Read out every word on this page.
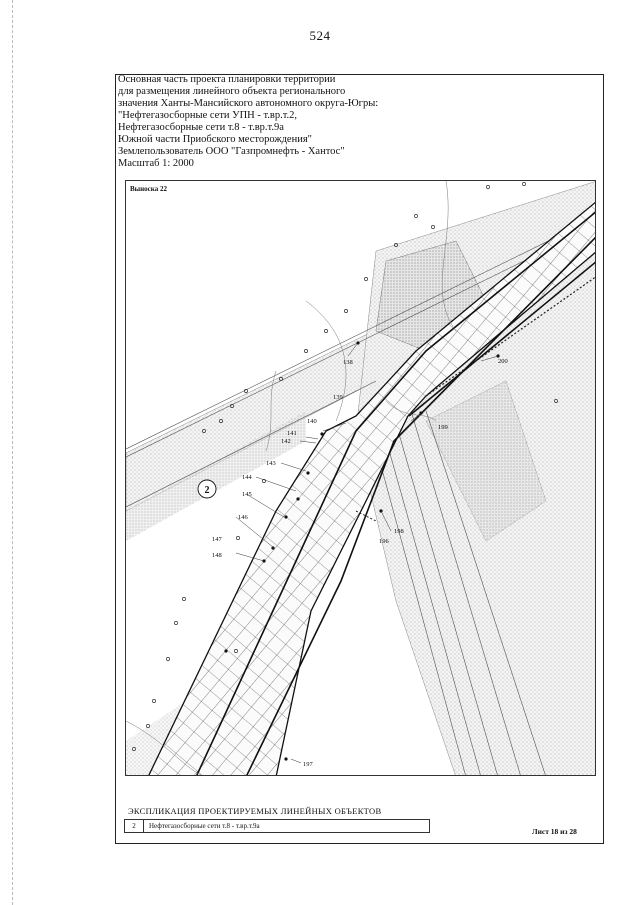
524
Основная часть проекта планировки территории
для размещения линейного объекта регионального
значения Ханты-Мансийского автономного округа-Югры:
"Нефтегазосборные сети УПН - т.вр.т.2,
Нефтегазосборные сети т.8 - т.вр.т.9а
Южной части Приобского месторождения"
Землепользователь ООО "Газпромнефть - Хантос"
Масштаб 1: 2000
138
139
140
141
142
143
144
145
146
147
148
196
197
198
199
200
2
Выноска 22
ЭКСПЛИКАЦИЯ ПРОЕКТИРУЕМЫХ ЛИНЕЙНЫХ ОБЪЕКТОВ
2	Нефтегазосборные сети т.8 - т.вр.т.9а
Лист 18 из 28
